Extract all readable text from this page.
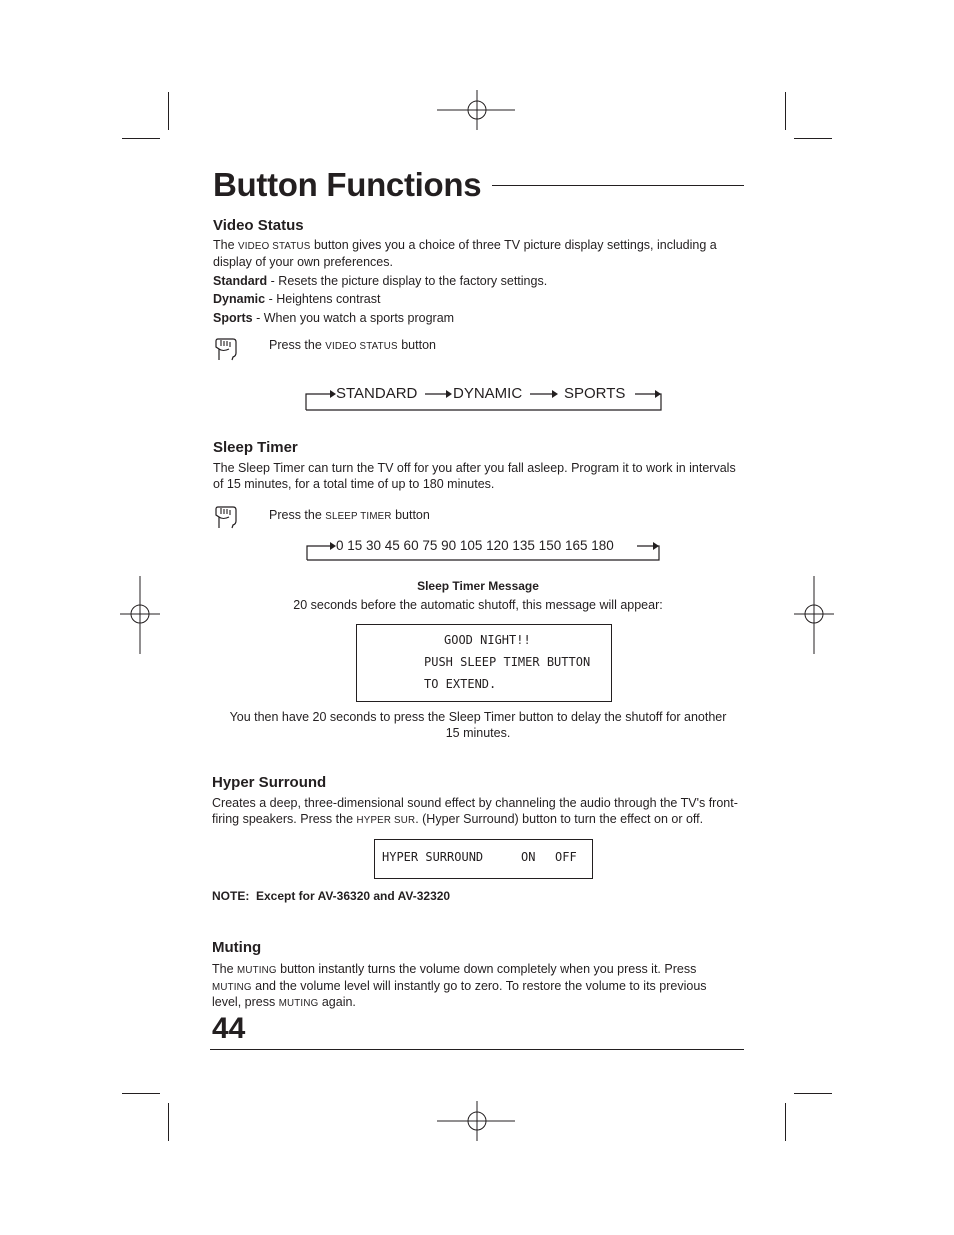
Button Functions
Video Status
The VIDEO STATUS button gives you a choice of three TV picture display settings, including a display of your own preferences.
Standard - Resets the picture display to the factory settings.
Dynamic - Heightens contrast
Sports - When you watch a sports program
Press the VIDEO STATUS button
STANDARD DYNAMIC	SPORTS
Sleep Timer
The Sleep Timer can turn the TV off for you after you fall asleep. Program it to work in intervals of 15 minutes, for a total time of up to 180 minutes.
Press the SLEEP TIMER button
0 15 30 45 60 75 90 105 120 135 150 165 180
Sleep Timer Message
20 seconds before the automatic shutoff, this message will appear:
GOOD NIGHT!!
PUSH SLEEP TIMER BUTTON
TO EXTEND.
You then have 20 seconds to press the Sleep Timer button to delay the shutoff for another 15 minutes.
Hyper Surround
Creates a deep, three-dimensional sound effect by channeling the audio through the TV's front-firing speakers. Press the HYPER SUR. (Hyper Surround) button to turn the effect on or off.
HYPER SURROUND	ON OFF
NOTE:  Except for AV-36320 and AV-32320
Muting
The MUTING button instantly turns the volume down completely when you press it. Press MUTING and the volume level will instantly go to zero. To restore the volume to its previous level, press MUTING again.
44
